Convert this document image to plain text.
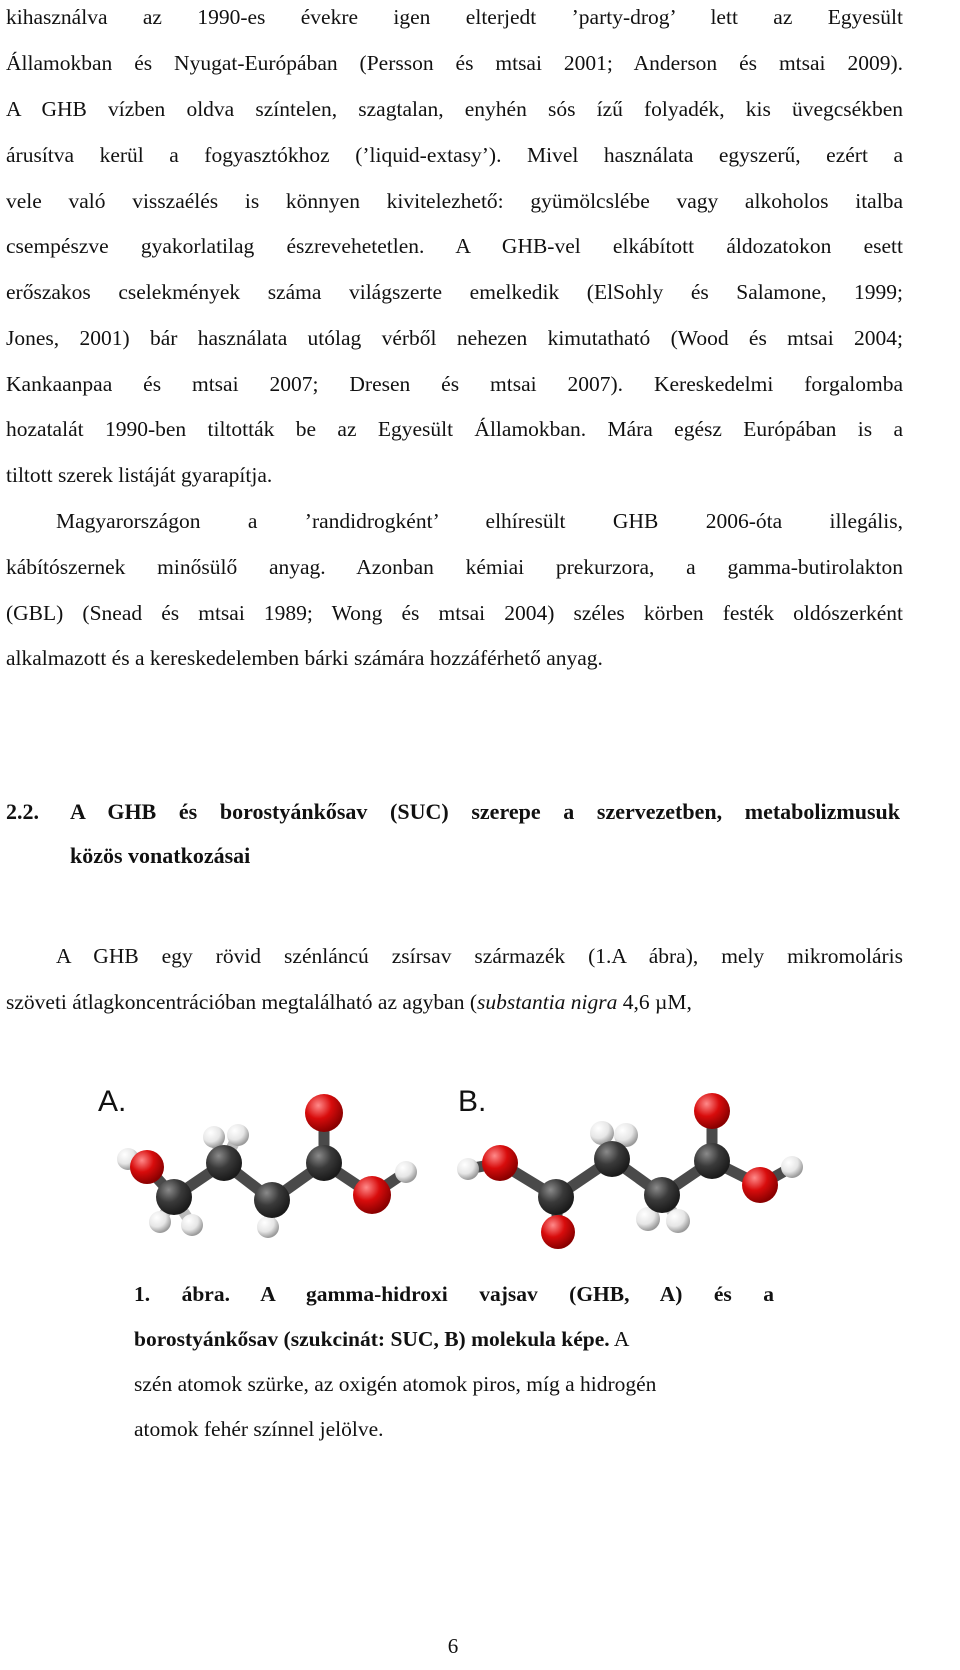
kihasználva az 1990-es évekre igen elterjedt ’party-drog’ lett az Egyesült
Államokban és Nyugat-Európában (Persson és mtsai 2001; Anderson és mtsai 2009).
A GHB vízben oldva színtelen, szagtalan, enyhén sós ízű folyadék, kis üvegcsékben
árusítva kerül a fogyasztókhoz (’liquid-extasy’). Mivel használata egyszerű, ezért a
vele való visszaélés is könnyen kivitelezhető: gyümölcslébe vagy alkoholos italba
csempészve gyakorlatilag észrevehetetlen. A GHB-vel elkábított áldozatokon esett
erőszakos cselekmények száma világszerte emelkedik (ElSohly és Salamone, 1999;
Jones, 2001) bár használata utólag vérből nehezen kimutatható (Wood és mtsai 2004;
Kankaanpaa és mtsai 2007; Dresen és mtsai 2007). Kereskedelmi forgalomba
hozatalát 1990-ben tiltották be az Egyesült Államokban. Mára egész Európában is a
tiltott szerek listáját gyarapítja.
Magyarországon a ’randidrogként’ elhíresült GHB 2006-óta illegális,
kábítószernek minősülő anyag. Azonban kémiai prekurzora, a gamma-butirolakton
(GBL) (Snead és mtsai 1989; Wong és mtsai 2004) széles körben festék oldószerként
alkalmazott és a kereskedelemben bárki számára hozzáférhető anyag.
2.2. A GHB és borostyánkősav (SUC) szerepe a szervezetben, metabolizmusuk
közös vonatkozásai
A GHB egy rövid szénláncú zsírsav származék (1.A ábra), mely mikromoláris
szöveti átlagkoncentrációban megtalálható az agyban (substantia nigra 4,6 µM,
A.	B.
1. ábra. A gamma-hidroxi vajsav (GHB, A) és a
borostyánkősav (szukcinát: SUC, B) molekula képe. A
szén atomok szürke, az oxigén atomok piros, míg a hidrogén
atomok fehér színnel jelölve.
6
